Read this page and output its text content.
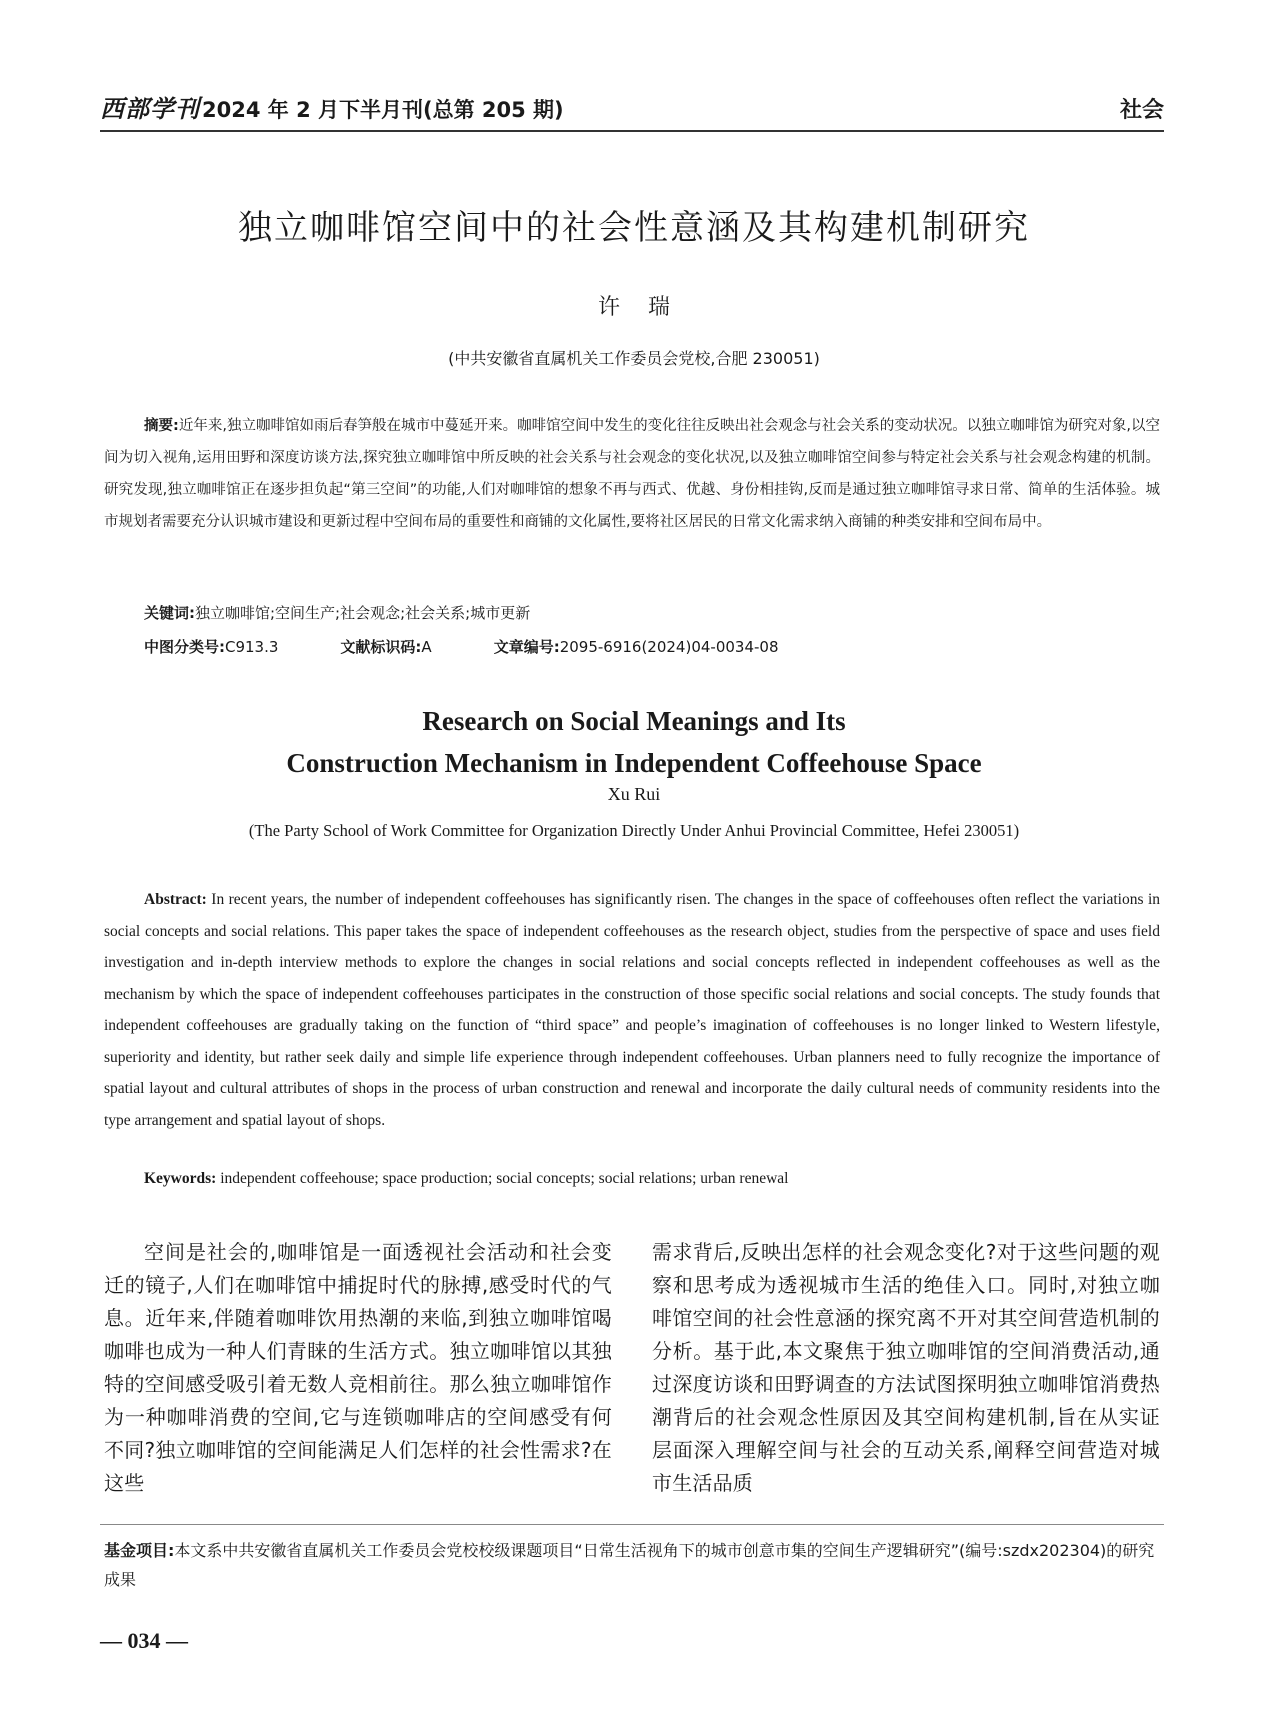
西部学刊 2024 年 2 月下半月刊(总第 205 期)	社会
独立咖啡馆空间中的社会性意涵及其构建机制研究
许瑞
(中共安徽省直属机关工作委员会党校,合肥 230051)
摘要:近年来,独立咖啡馆如雨后春笋般在城市中蔓延开来。咖啡馆空间中发生的变化往往反映出社会观念与社会关系的变动状况。以独立咖啡馆为研究对象,以空间为切入视角,运用田野和深度访谈方法,探究独立咖啡馆中所反映的社会关系与社会观念的变化状况,以及独立咖啡馆空间参与特定社会关系与社会观念构建的机制。研究发现,独立咖啡馆正在逐步担负起“第三空间”的功能,人们对咖啡馆的想象不再与西式、优越、身份相挂钩,反而是通过独立咖啡馆寻求日常、简单的生活体验。城市规划者需要充分认识城市建设和更新过程中空间布局的重要性和商铺的文化属性,要将社区居民的日常文化需求纳入商铺的种类安排和空间布局中。
关键词:独立咖啡馆;空间生产;社会观念;社会关系;城市更新
中图分类号:C913.3	文献标识码:A	文章编号:2095-6916(2024)04-0034-08
Research on Social Meanings and Its
Construction Mechanism in Independent Coffeehouse Space
Xu Rui
(The Party School of Work Committee for Organization Directly Under Anhui Provincial Committee, Hefei 230051)
Abstract: In recent years, the number of independent coffeehouses has significantly risen. The changes in the space of coffeehouses often reflect the variations in social concepts and social relations. This paper takes the space of independent coffeehouses as the research object, studies from the perspective of space and uses field investigation and in-depth interview methods to explore the changes in social relations and social concepts reflected in independent coffeehouses as well as the mechanism by which the space of independent coffeehouses participates in the construction of those specific social relations and social concepts. The study founds that independent coffeehouses are gradually taking on the function of “third space” and people’s imagination of coffeehouses is no longer linked to Western lifestyle, superiority and identity, but rather seek daily and simple life experience through independent coffeehouses. Urban planners need to fully recognize the importance of spatial layout and cultural attributes of shops in the process of urban construction and renewal and incorporate the daily cultural needs of community residents into the type arrangement and spatial layout of shops.
Keywords: independent coffeehouse; space production; social concepts; social relations; urban renewal
空间是社会的,咖啡馆是一面透视社会活动和社会变迁的镜子,人们在咖啡馆中捕捉时代的脉搏,感受时代的气息。近年来,伴随着咖啡饮用热潮的来临,到独立咖啡馆喝咖啡也成为一种人们青睐的生活方式。独立咖啡馆以其独特的空间感受吸引着无数人竞相前往。那么独立咖啡馆作为一种咖啡消费的空间,它与连锁咖啡店的空间感受有何不同?独立咖啡馆的空间能满足人们怎样的社会性需求?在这些
需求背后,反映出怎样的社会观念变化?对于这些问题的观察和思考成为透视城市生活的绝佳入口。同时,对独立咖啡馆空间的社会性意涵的探究离不开对其空间营造机制的分析。基于此,本文聚焦于独立咖啡馆的空间消费活动,通过深度访谈和田野调查的方法试图探明独立咖啡馆消费热潮背后的社会观念性原因及其空间构建机制,旨在从实证层面深入理解空间与社会的互动关系,阐释空间营造对城市生活品质
基金项目:本文系中共安徽省直属机关工作委员会党校校级课题项目“日常生活视角下的城市创意市集的空间生产逻辑研究”(编号:szdx202304)的研究成果
— 034 —
